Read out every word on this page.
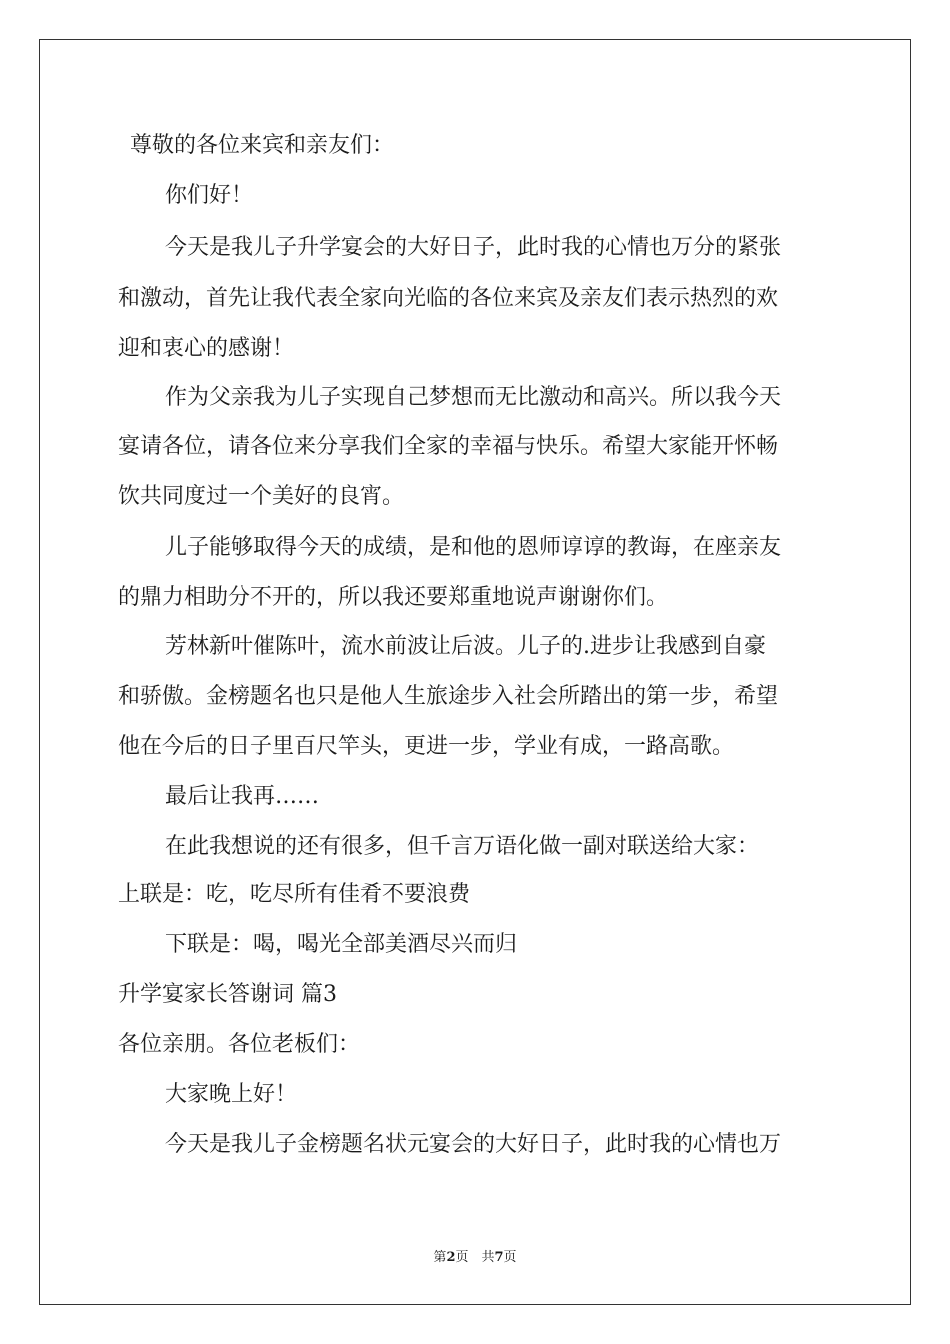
尊敬的各位来宾和亲友们：
你们好！
今天是我儿子升学宴会的大好日子，此时我的心情也万分的紧张
和激动，首先让我代表全家向光临的各位来宾及亲友们表示热烈的欢
迎和衷心的感谢！
作为父亲我为儿子实现自己梦想而无比激动和高兴。所以我今天
宴请各位，请各位来分享我们全家的幸福与快乐。希望大家能开怀畅
饮共同度过一个美好的良宵。
儿子能够取得今天的成绩，是和他的恩师谆谆的教诲，在座亲友
的鼎力相助分不开的，所以我还要郑重地说声谢谢你们。
芳林新叶催陈叶，流水前波让后波。儿子的.进步让我感到自豪
和骄傲。金榜题名也只是他人生旅途步入社会所踏出的第一步，希望
他在今后的日子里百尺竿头，更进一步，学业有成，一路高歌。
最后让我再……
在此我想说的还有很多，但千言万语化做一副对联送给大家：
上联是：吃，吃尽所有佳肴不要浪费
下联是：喝，喝光全部美酒尽兴而归
升学宴家长答谢词 篇3
各位亲朋。各位老板们：
大家晚上好！
今天是我儿子金榜题名状元宴会的大好日子，此时我的心情也万
第2页　共7页
